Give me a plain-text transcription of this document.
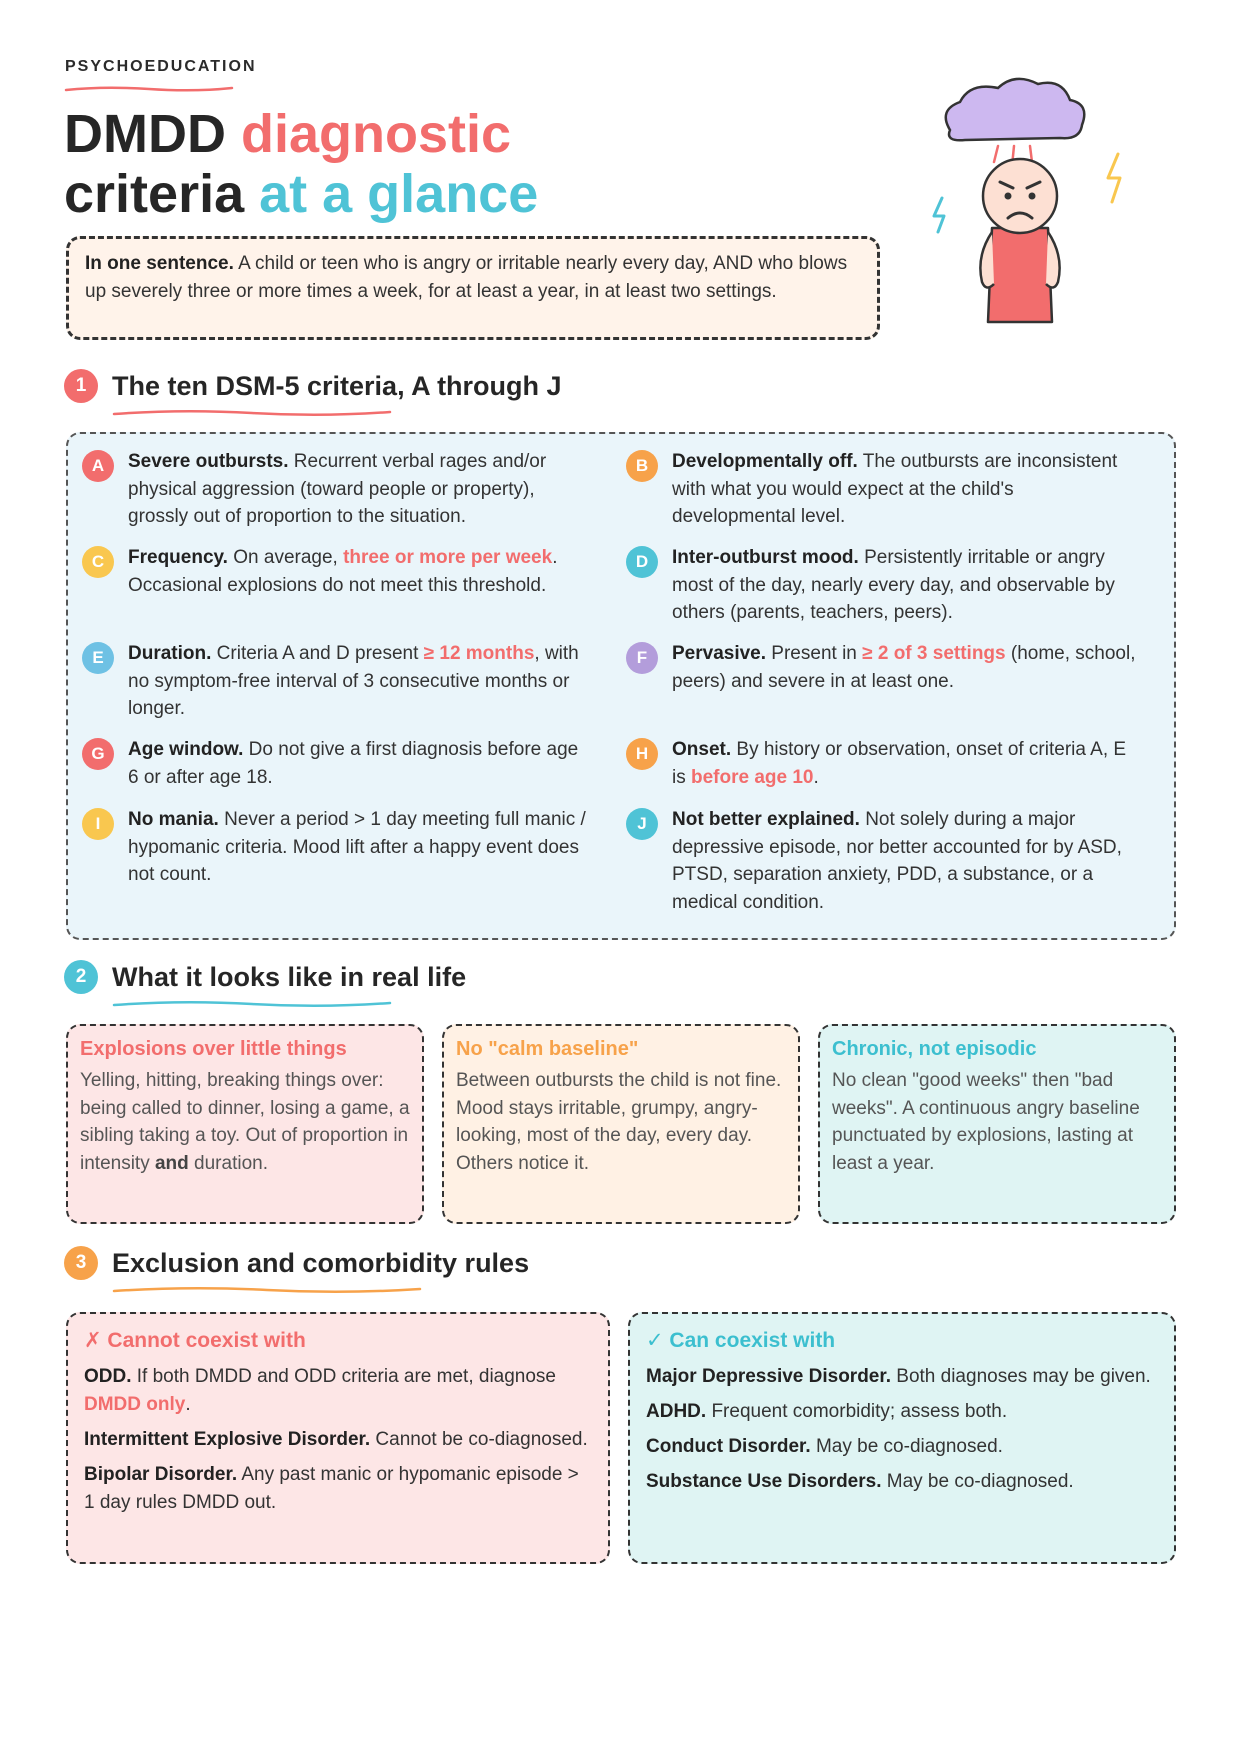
PSYCHOEDUCATION
DMDD diagnostic
criteria at a glance
In one sentence. A child or teen who is angry or irritable nearly every day, AND who blows up severely three or more times a week, for at least a year, in at least two settings.
1 The ten DSM-5 criteria, A through J
A	Severe outbursts. Recurrent verbal rages and/or physical aggression (toward people or property), grossly out of proportion to the situation.
B	Developmentally off. The outbursts are inconsistent with what you would expect at the child's developmental level.
C	Frequency. On average, three or more per week. Occasional explosions do not meet this threshold.
D	Inter-outburst mood. Persistently irritable or angry most of the day, nearly every day, and observable by others (parents, teachers, peers).
E	Duration. Criteria A and D present ≥ 12 months, with no symptom-free interval of 3 consecutive months or longer.
F	Pervasive. Present in ≥ 2 of 3 settings (home, school, peers) and severe in at least one.
G	Age window. Do not give a first diagnosis before age 6 or after age 18.
H	Onset. By history or observation, onset of criteria A, E is before age 10.
I	No mania. Never a period > 1 day meeting full manic / hypomanic criteria. Mood lift after a happy event does not count.
J	Not better explained. Not solely during a major depressive episode, nor better accounted for by ASD, PTSD, separation anxiety, PDD, a substance, or a medical condition.
2 What it looks like in real life
Explosions over little things
Yelling, hitting, breaking things over: being called to dinner, losing a game, a sibling taking a toy. Out of proportion in intensity and duration.
No "calm baseline"
Between outbursts the child is not fine. Mood stays irritable, grumpy, angry-looking, most of the day, every day. Others notice it.
Chronic, not episodic
No clean "good weeks" then "bad weeks". A continuous angry baseline punctuated by explosions, lasting at least a year.
3 Exclusion and comorbidity rules
✗ Cannot coexist with
ODD. If both DMDD and ODD criteria are met, diagnose DMDD only.
Intermittent Explosive Disorder. Cannot be co-diagnosed.
Bipolar Disorder. Any past manic or hypomanic episode > 1 day rules DMDD out.
✓ Can coexist with
Major Depressive Disorder. Both diagnoses may be given.
ADHD. Frequent comorbidity; assess both.
Conduct Disorder. May be co-diagnosed.
Substance Use Disorders. May be co-diagnosed.
